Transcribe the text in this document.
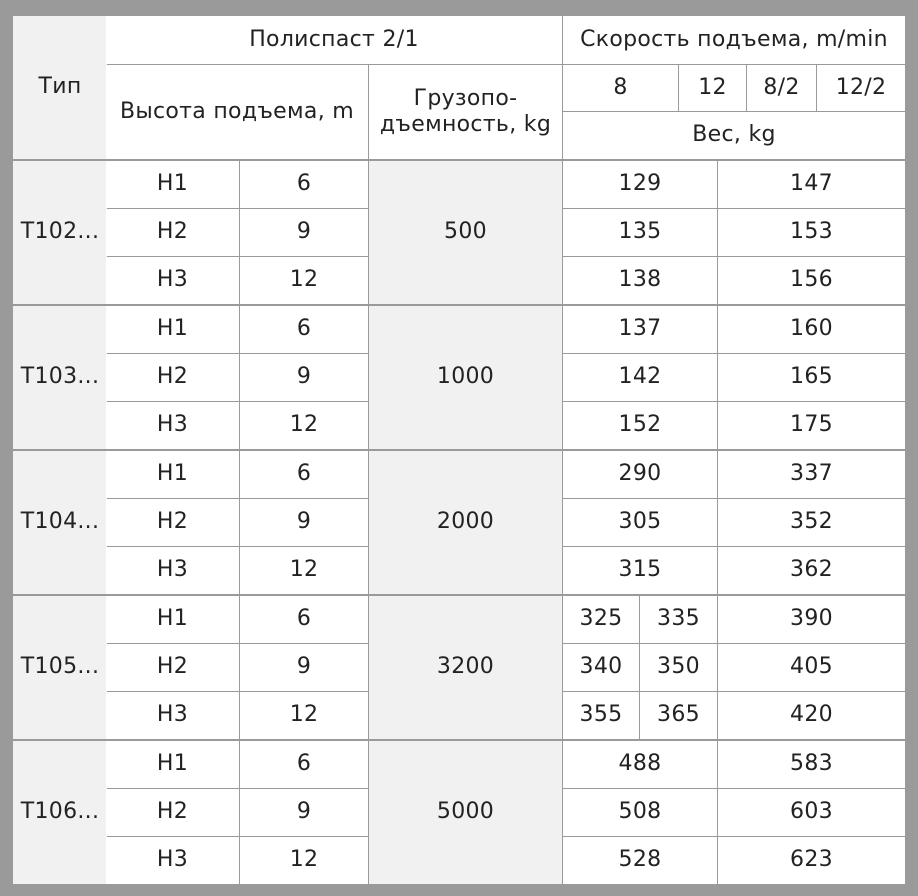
Тип
Полиспаст 2/1	Скорость подъема, m/min
Высота подъема, m
Грузопо-
дъемность, kg
8	12	8/2	12/2
Вес, kg
T102...	500
H1	6	129	147
H2	9	135	153
H3	12	138	156
T103...	1000
H1	6	137	160
H2	9	142	165
H3	12	152	175
T104...	2000
H1	6	290	337
H2	9	305	352
H3	12	315	362
T105...	3200
H1	6	325	335	390
H2	9	340	350	405
H3	12	355	365	420
T106...	5000
H1	6	488	583
H2	9	508	603
H3	12	528	623
